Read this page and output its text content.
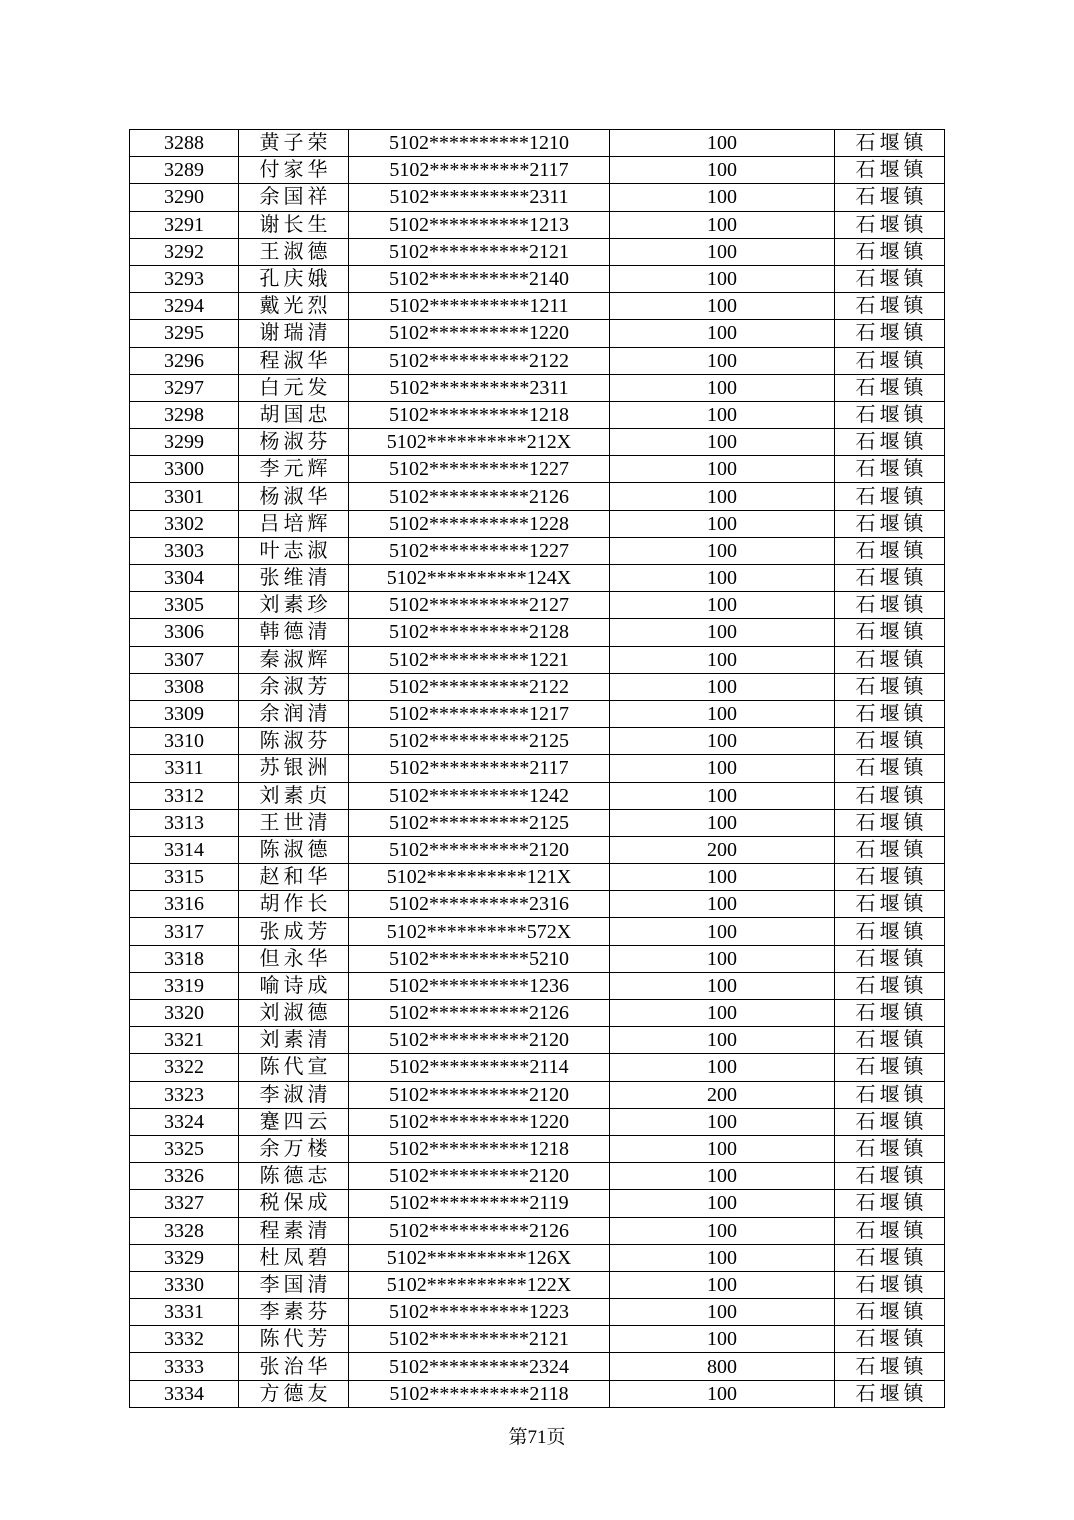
3288	黄子荣	5102**********1210	100	石堰镇
3289	付家华	5102**********2117	100	石堰镇
3290	余国祥	5102**********2311	100	石堰镇
3291	谢长生	5102**********1213	100	石堰镇
3292	王淑德	5102**********2121	100	石堰镇
3293	孔庆娥	5102**********2140	100	石堰镇
3294	戴光烈	5102**********1211	100	石堰镇
3295	谢瑞清	5102**********1220	100	石堰镇
3296	程淑华	5102**********2122	100	石堰镇
3297	白元发	5102**********2311	100	石堰镇
3298	胡国忠	5102**********1218	100	石堰镇
3299	杨淑芬	5102**********212X	100	石堰镇
3300	李元辉	5102**********1227	100	石堰镇
3301	杨淑华	5102**********2126	100	石堰镇
3302	吕培辉	5102**********1228	100	石堰镇
3303	叶志淑	5102**********1227	100	石堰镇
3304	张维清	5102**********124X	100	石堰镇
3305	刘素珍	5102**********2127	100	石堰镇
3306	韩德清	5102**********2128	100	石堰镇
3307	秦淑辉	5102**********1221	100	石堰镇
3308	余淑芳	5102**********2122	100	石堰镇
3309	余润清	5102**********1217	100	石堰镇
3310	陈淑芬	5102**********2125	100	石堰镇
3311	苏银洲	5102**********2117	100	石堰镇
3312	刘素贞	5102**********1242	100	石堰镇
3313	王世清	5102**********2125	100	石堰镇
3314	陈淑德	5102**********2120	200	石堰镇
3315	赵和华	5102**********121X	100	石堰镇
3316	胡作长	5102**********2316	100	石堰镇
3317	张成芳	5102**********572X	100	石堰镇
3318	但永华	5102**********5210	100	石堰镇
3319	喻诗成	5102**********1236	100	石堰镇
3320	刘淑德	5102**********2126	100	石堰镇
3321	刘素清	5102**********2120	100	石堰镇
3322	陈代宣	5102**********2114	100	石堰镇
3323	李淑清	5102**********2120	200	石堰镇
3324	蹇四云	5102**********1220	100	石堰镇
3325	余万楼	5102**********1218	100	石堰镇
3326	陈德志	5102**********2120	100	石堰镇
3327	税保成	5102**********2119	100	石堰镇
3328	程素清	5102**********2126	100	石堰镇
3329	杜凤碧	5102**********126X	100	石堰镇
3330	李国清	5102**********122X	100	石堰镇
3331	李素芬	5102**********1223	100	石堰镇
3332	陈代芳	5102**********2121	100	石堰镇
3333	张治华	5102**********2324	800	石堰镇
3334	方德友	5102**********2118	100	石堰镇
第71页
